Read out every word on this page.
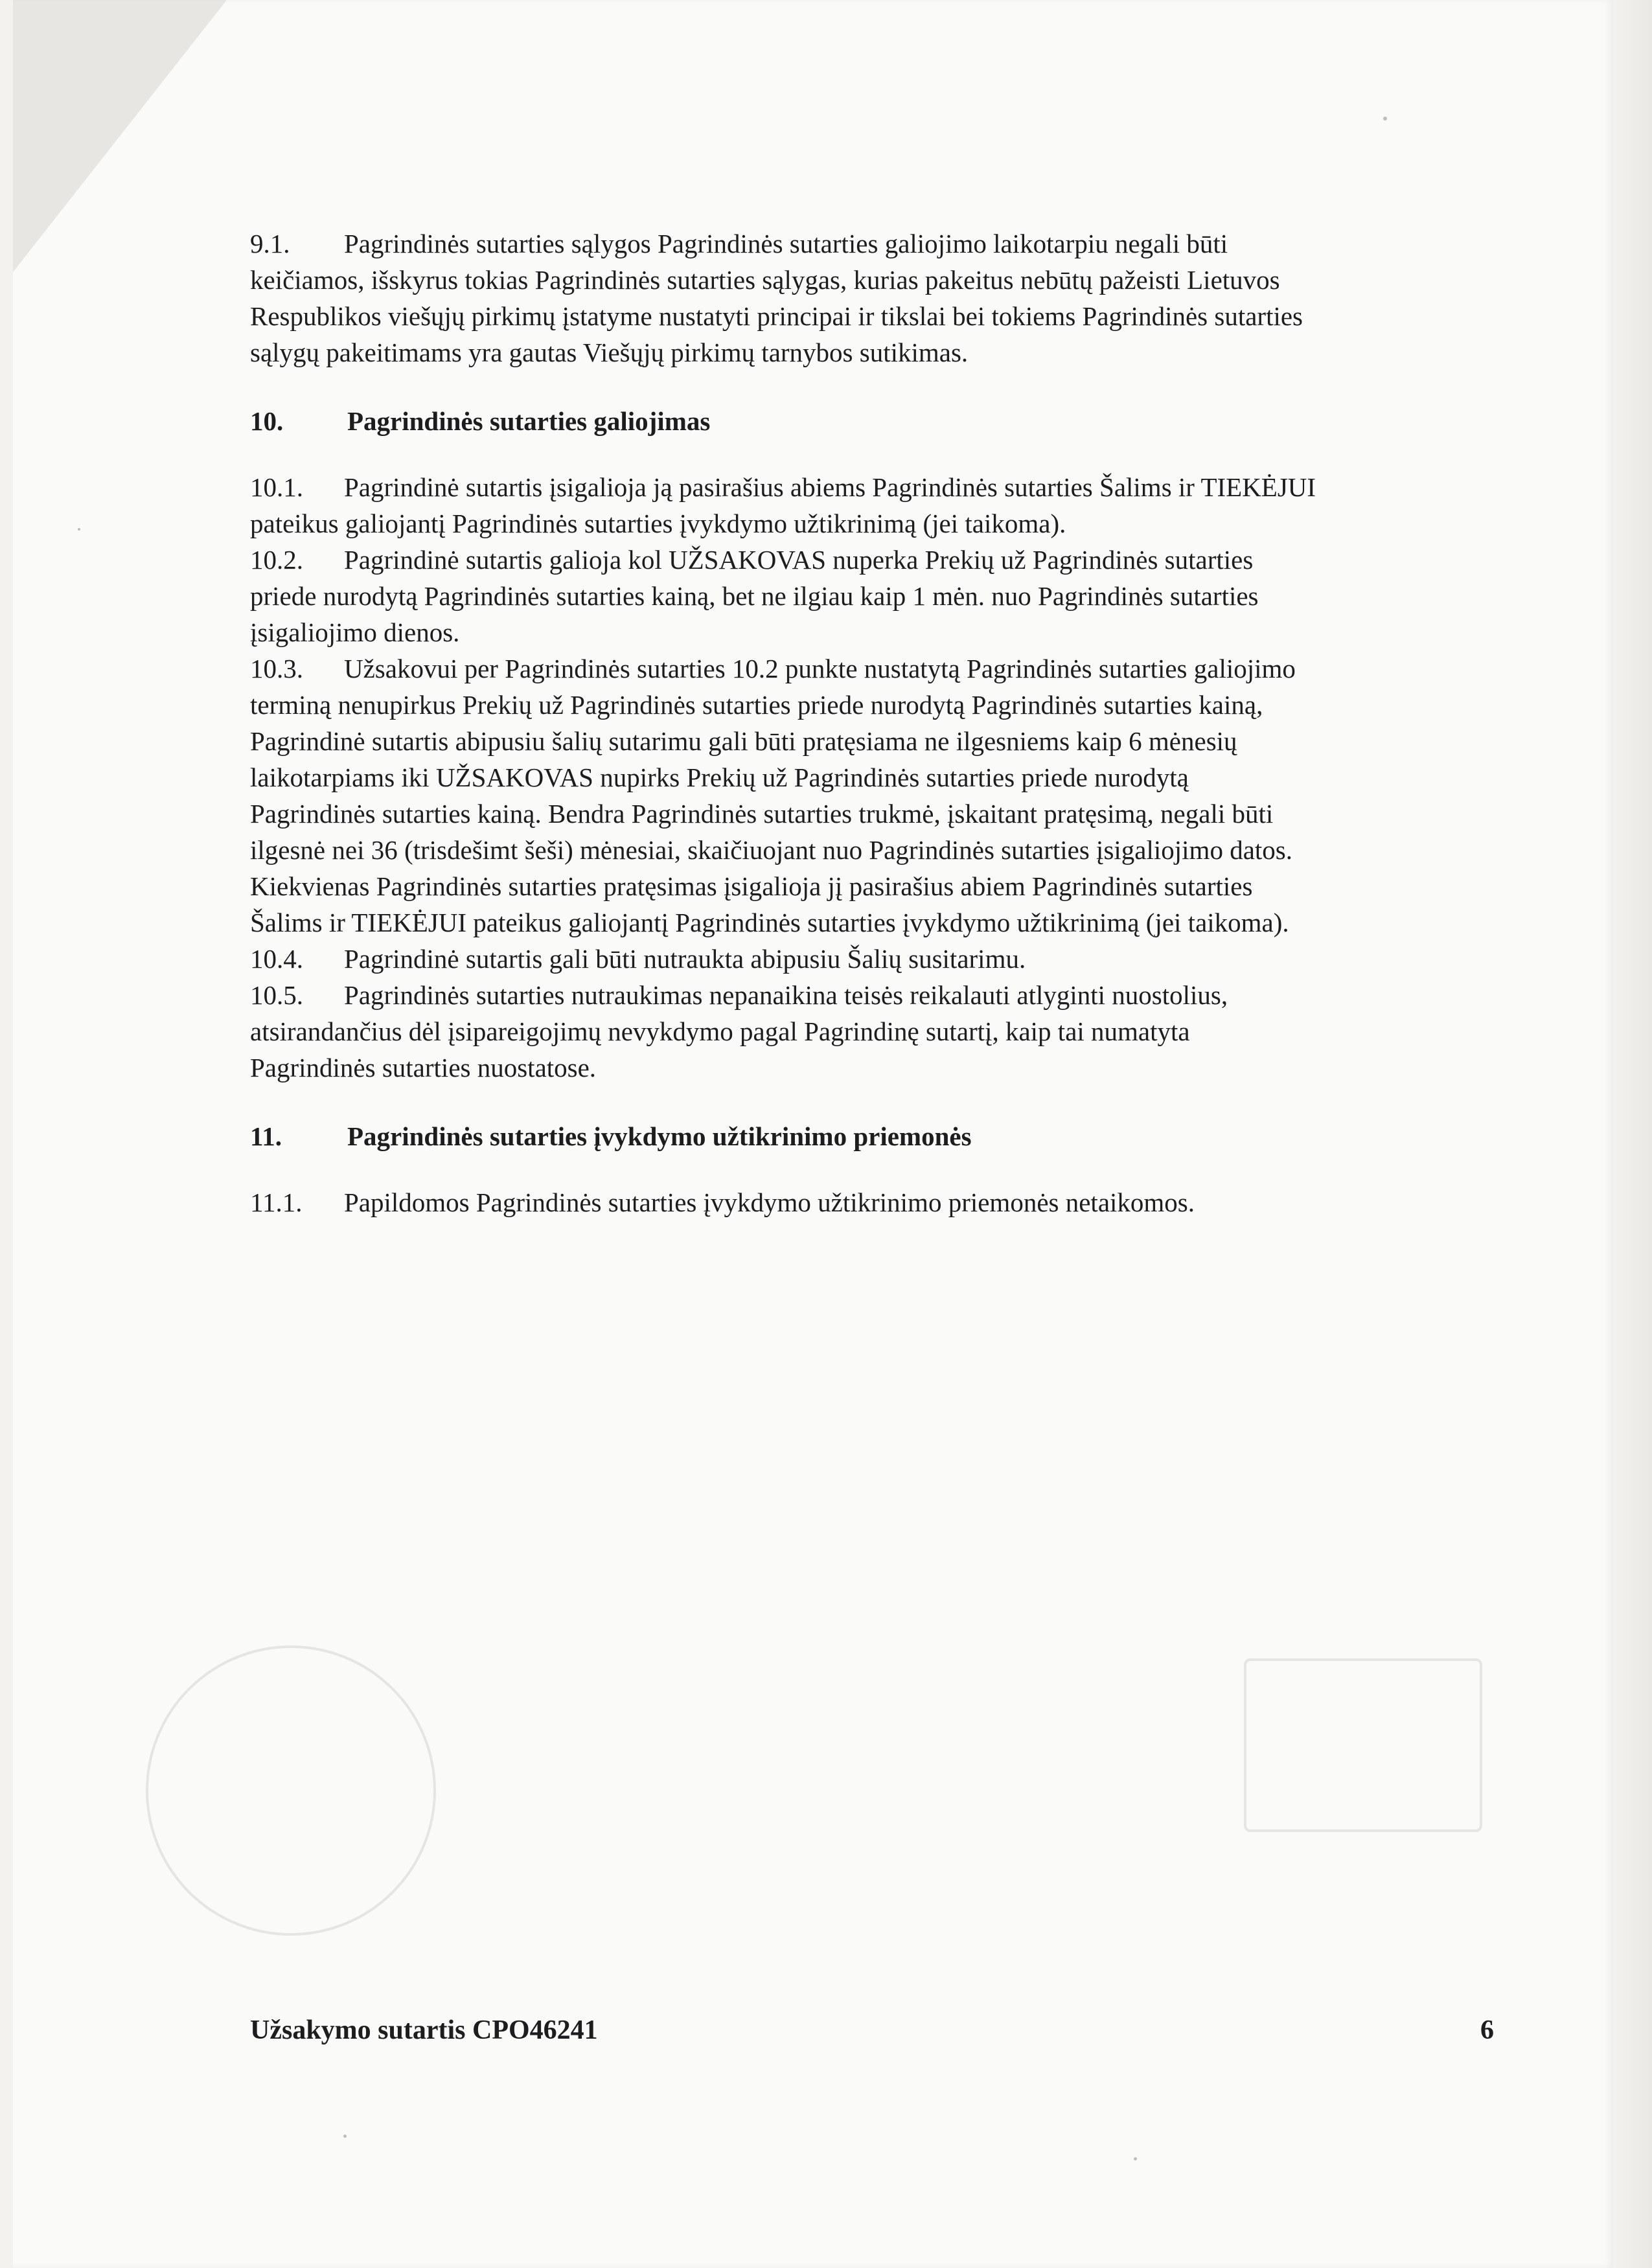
9.1. Pagrindinės sutarties sąlygos Pagrindinės sutarties galiojimo laikotarpiu negali būti
keičiamos, išskyrus tokias Pagrindinės sutarties sąlygas, kurias pakeitus nebūtų pažeisti Lietuvos
Respublikos viešųjų pirkimų įstatyme nustatyti principai ir tikslai bei tokiems Pagrindinės sutarties
sąlygų pakeitimams yra gautas Viešųjų pirkimų tarnybos sutikimas.

10. Pagrindinės sutarties galiojimas

10.1. Pagrindinė sutartis įsigalioja ją pasirašius abiems Pagrindinės sutarties Šalims ir TIEKĖJUI
pateikus galiojantį Pagrindinės sutarties įvykdymo užtikrinimą (jei taikoma).

10.2. Pagrindinė sutartis galioja kol UŽSAKOVAS nuperka Prekių už Pagrindinės sutarties
priede nurodytą Pagrindinės sutarties kainą, bet ne ilgiau kaip 1 mėn. nuo Pagrindinės sutarties
įsigaliojimo dienos.

10.3. Užsakovui per Pagrindinės sutarties 10.2 punkte nustatytą Pagrindinės sutarties galiojimo
terminą nenupirkus Prekių už Pagrindinės sutarties priede nurodytą Pagrindinės sutarties kainą,
Pagrindinė sutartis abipusiu šalių sutarimu gali būti pratęsiama ne ilgesniems kaip 6 mėnesių
laikotarpiams iki UŽSAKOVAS nupirks Prekių už Pagrindinės sutarties priede nurodytą
Pagrindinės sutarties kainą. Bendra Pagrindinės sutarties trukmė, įskaitant pratęsimą, negali būti
ilgesnė nei 36 (trisdešimt šeši) mėnesiai, skaičiuojant nuo Pagrindinės sutarties įsigaliojimo datos.
Kiekvienas Pagrindinės sutarties pratęsimas įsigalioja jį pasirašius abiem Pagrindinės sutarties
Šalims ir TIEKĖJUI pateikus galiojantį Pagrindinės sutarties įvykdymo užtikrinimą (jei taikoma).

10.4. Pagrindinė sutartis gali būti nutraukta abipusiu Šalių susitarimu.

10.5. Pagrindinės sutarties nutraukimas nepanaikina teisės reikalauti atlyginti nuostolius,
atsirandančius dėl įsipareigojimų nevykdymo pagal Pagrindinę sutartį, kaip tai numatyta
Pagrindinės sutarties nuostatose.

11. Pagrindinės sutarties įvykdymo užtikrinimo priemonės

11.1. Papildomos Pagrindinės sutarties įvykdymo užtikrinimo priemonės netaikomos.

Užsakymo sutartis CPO46241	6
